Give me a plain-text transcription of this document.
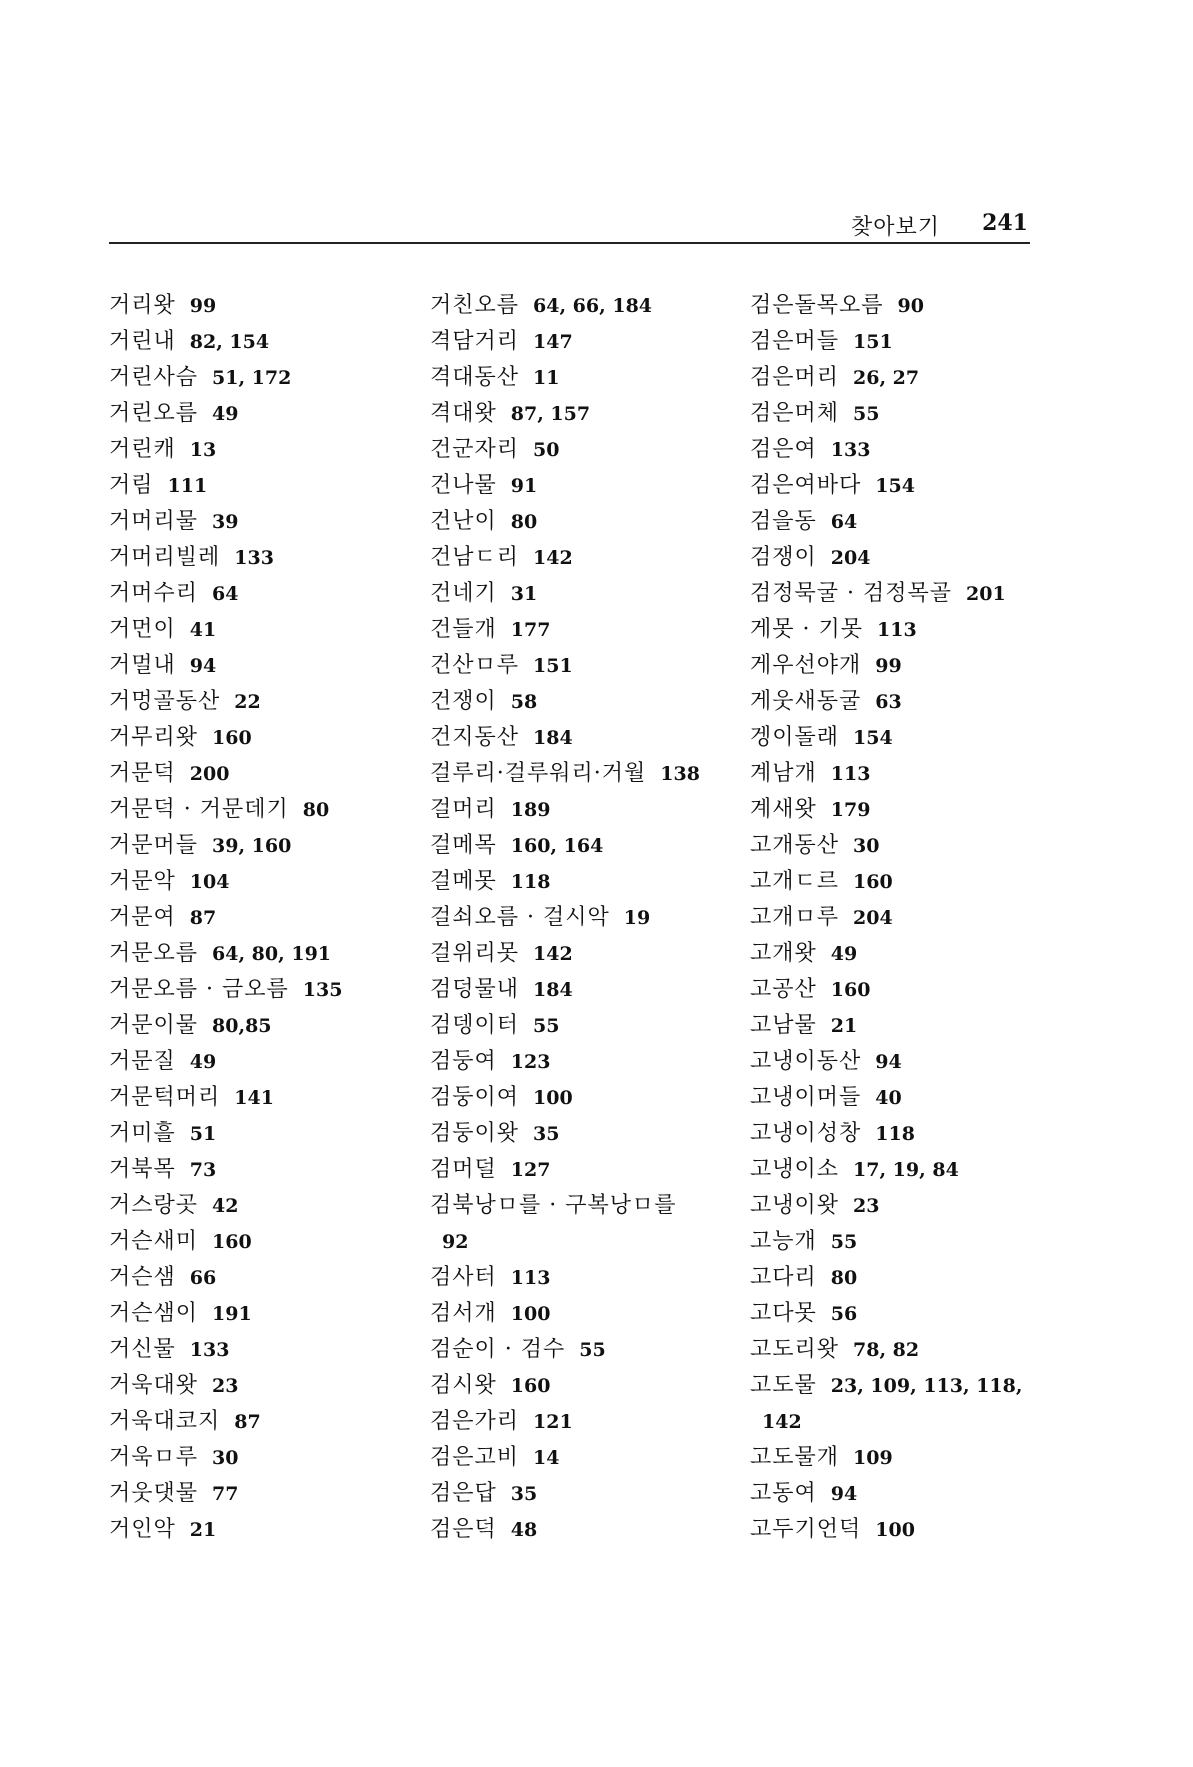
찾아보기 241
거리왓 99
거린내 82, 154
거린사슴 51, 172
거린오름 49
거린캐 13
거림 111
거머리물 39
거머리빌레 133
거머수리 64
거먼이 41
거멀내 94
거멍골동산 22
거무리왓 160
거문덕 200
거문덕 · 거문데기 80
거문머들 39, 160
거문악 104
거문여 87
거문오름 64, 80, 191
거문오름 · 금오름 135
거문이물 80,85
거문질 49
거문턱머리 141
거미흘 51
거북목 73
거스랑곳 42
거슨새미 160
거슨샘 66
거슨샘이 191
거신물 133
거욱대왓 23
거욱대코지 87
거욱ㅁ루 30
거웃댓물 77
거인악 21
거친오름 64, 66, 184
격담거리 147
격대동산 11
격대왓 87, 157
건군자리 50
건나물 91
건난이 80
건남ㄷ리 142
건네기 31
건들개 177
건산ㅁ루 151
건쟁이 58
건지동산 184
걸루리·걸루워리·거월 138
걸머리 189
걸메목 160, 164
걸메못 118
걸쇠오름 · 걸시악 19
걸위리못 142
검덩물내 184
검뎅이터 55
검둥여 123
검둥이여 100
검둥이왓 35
검머덜 127
검북낭ㅁ를 · 구복낭ㅁ를
92
검사터 113
검서개 100
검순이 · 검수 55
검시왓 160
검은가리 121
검은고비 14
검은답 35
검은덕 48
검은돌목오름 90
검은머들 151
검은머리 26, 27
검은머체 55
검은여 133
검은여바다 154
검을동 64
검쟁이 204
검정묵굴 · 검정목골 201
게못 · 기못 113
게우선야개 99
게웃새동굴 63
겡이돌래 154
계남개 113
계새왓 179
고개동산 30
고개ㄷ르 160
고개ㅁ루 204
고개왓 49
고공산 160
고남물 21
고냉이동산 94
고냉이머들 40
고냉이성창 118
고냉이소 17, 19, 84
고냉이왓 23
고능개 55
고다리 80
고다못 56
고도리왓 78, 82
고도물 23, 109, 113, 118,
142
고도물개 109
고동여 94
고두기언덕 100
